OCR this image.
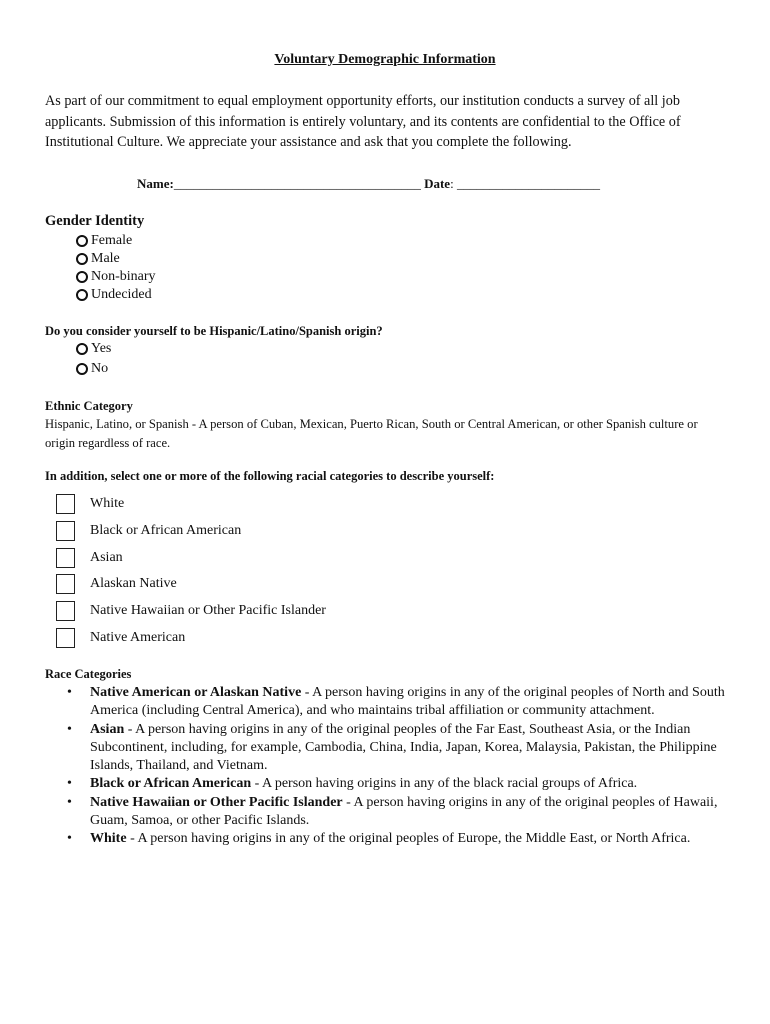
Voluntary Demographic Information

As part of our commitment to equal employment opportunity efforts, our institution conducts a survey of all job applicants. Submission of this information is entirely voluntary, and its contents are confidential to the Office of Institutional Culture. We appreciate your assistance and ask that you complete the following.

Name:______________________________________ Date: ______________________
Gender Identity
Female
Male
Non-binary
Undecided
Do you consider yourself to be Hispanic/Latino/Spanish origin?
Yes
No
Ethnic Category

Hispanic, Latino, or Spanish - A person of Cuban, Mexican, Puerto Rican, South or Central American, or other Spanish culture or origin regardless of race.

In addition, select one or more of the following racial categories to describe yourself:
White
Black or African American
Asian
Alaskan Native
Native Hawaiian or Other Pacific Islander
Native American
Race Categories
• Native American or Alaskan Native - A person having origins in any of the original peoples of North and South America (including Central America), and who maintains tribal affiliation or community attachment.
• Asian - A person having origins in any of the original peoples of the Far East, Southeast Asia, or the Indian Subcontinent, including, for example, Cambodia, China, India, Japan, Korea, Malaysia, Pakistan, the Philippine Islands, Thailand, and Vietnam.
• Black or African American - A person having origins in any of the black racial groups of Africa.
• Native Hawaiian or Other Pacific Islander - A person having origins in any of the original peoples of Hawaii, Guam, Samoa, or other Pacific Islands.
• White - A person having origins in any of the original peoples of Europe, the Middle East, or North Africa.
